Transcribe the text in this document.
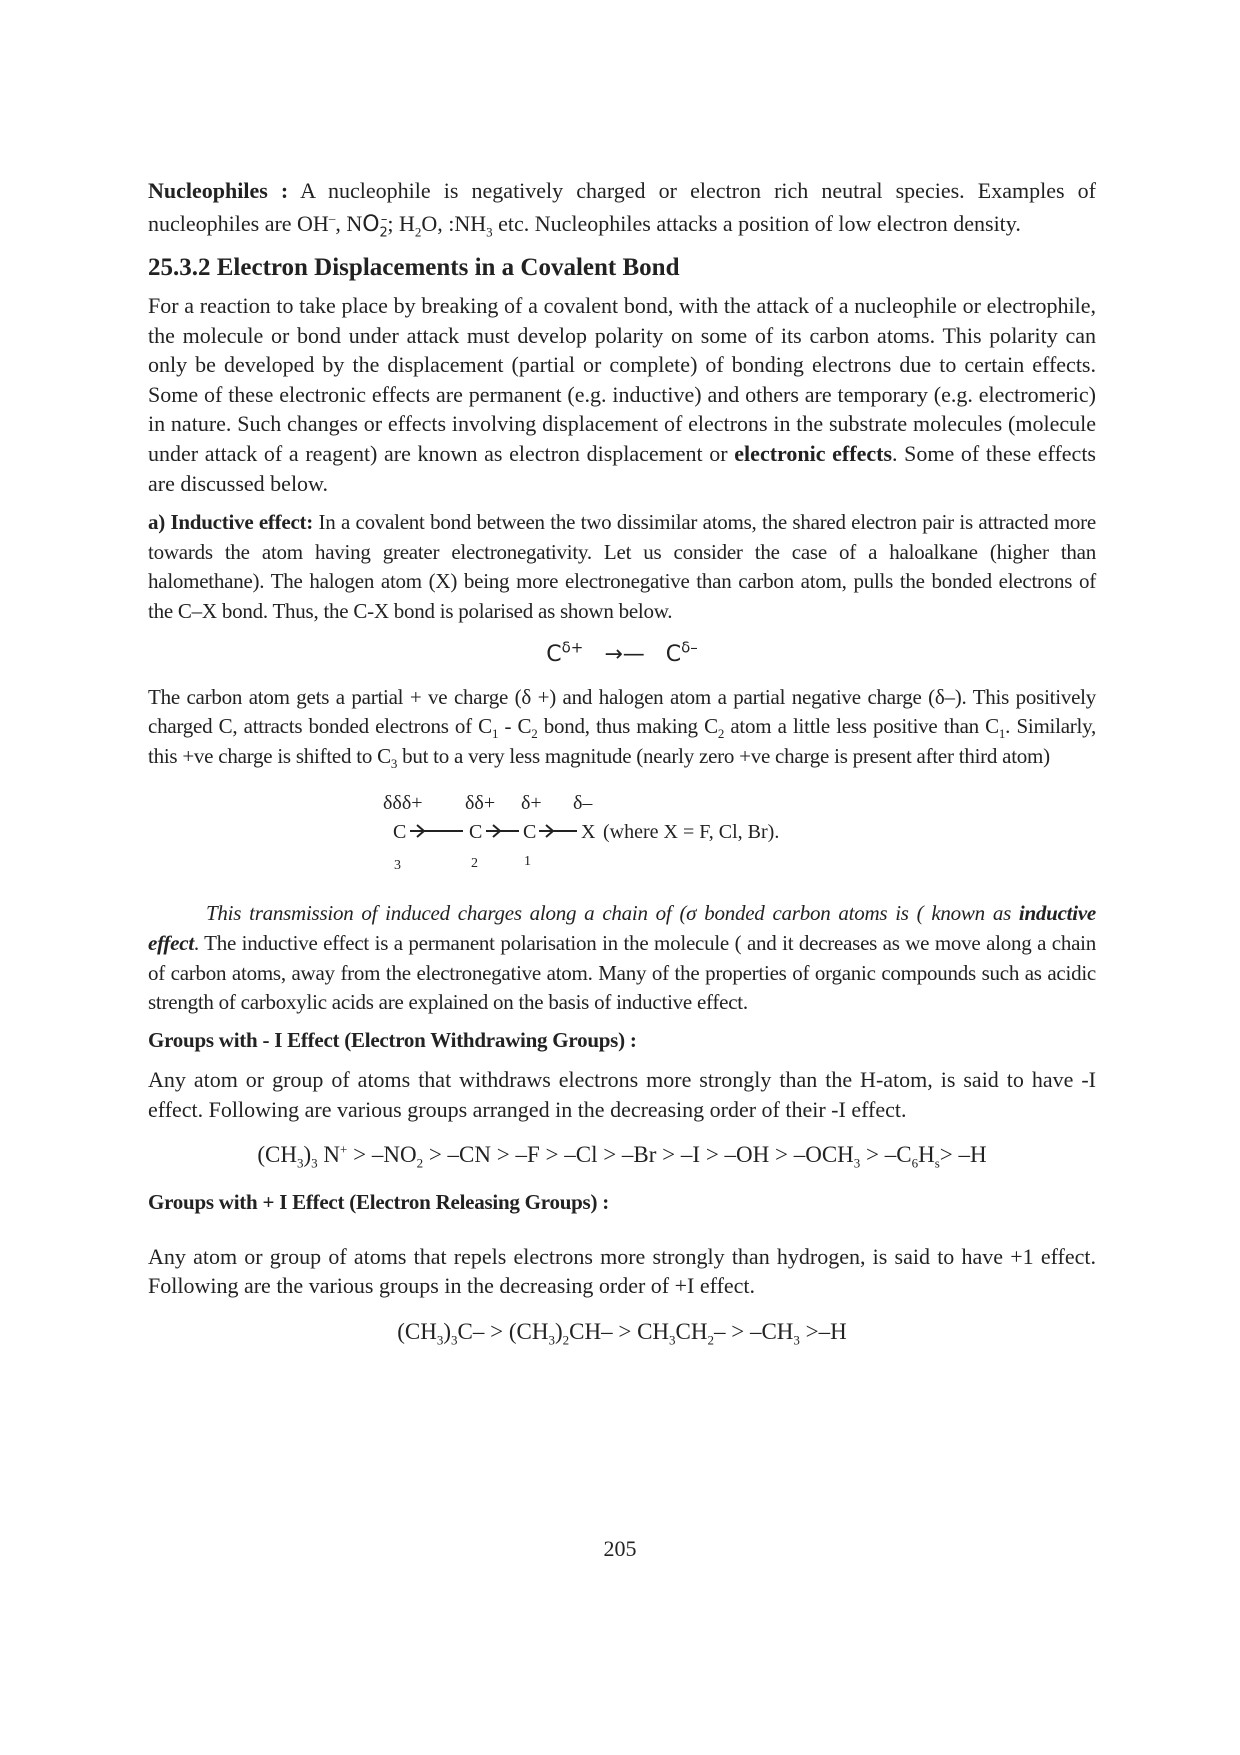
Nucleophiles : A nucleophile is negatively charged or electron rich neutral species. Examples of nucleophiles are OH–, $NO_2^-$; $H_2O$, $:NH_3$ etc. Nucleophiles attacks a position of low electron density.

25.3.2 Electron Displacements in a Covalent Bond

For a reaction to take place by breaking of a covalent bond, with the attack of a nucleophile or electrophile, the molecule or bond under attack must develop polarity on some of its carbon atoms. This polarity can only be developed by the displacement (partial or complete) of bonding electrons due to certain effects. Some of these electronic effects are permanent (e.g. inductive) and others are temporary (e.g. electromeric) in nature. Such changes or effects involving displacement of electrons in the substrate molecules (molecule under attack of a reagent) are known as electron displacement or electronic effects. Some of these effects are discussed below.

a) Inductive effect: In a covalent bond between the two dissimilar atoms, the shared electron pair is attracted more towards the atom having greater electronegativity. Let us consider the case of a haloalkane (higher than halomethane). The halogen atom (X) being more electronegative than carbon atom, pulls the bonded electrons of the C–X bond. Thus, the C-X bond is polarised as shown below.

$C^{\delta+}$ →— $C^{\delta-}$

The carbon atom gets a partial + ve charge (δ +) and halogen atom a partial negative charge (δ–). This positively charged C, attracts bonded electrons of $C_1 - C_2$ bond, thus making $C_2$ atom a little less positive than $C_1$. Similarly, this +ve charge is shifted to $C_3$ but to a very less magnitude (nearly zero +ve charge is present after third atom)

δδδ+ δδ+ δ+ δ–
C	C C X (where X = F, Cl, Br).
3	2	1

This transmission of induced charges along a chain of (σ bonded carbon atoms is ( known as inductive effect. The inductive effect is a permanent polarisation in the molecule ( and it decreases as we move along a chain of carbon atoms, away from the electronegative atom. Many of the properties of organic compounds such as acidic strength of carboxylic acids are explained on the basis of inductive effect.

Groups with - I Effect (Electron Withdrawing Groups) :

Any atom or group of atoms that withdraws electrons more strongly than the H-atom, is said to have -I effect. Following are various groups arranged in the decreasing order of their -I effect.

$(CH_3)_3$ $N^+ > -NO_2 > -CN > -F > -Cl > -Br > -I > -OH > -OCH_3 > -C_6H_s> -H$

Groups with + I Effect (Electron Releasing Groups) :

Any atom or group of atoms that repels electrons more strongly than hydrogen, is said to have +1 effect. Following are the various groups in the decreasing order of +I effect.

$(CH_3)_3C- > (CH_3)_2CH- > CH_3CH_2- > -CH_3 >-H$

205
